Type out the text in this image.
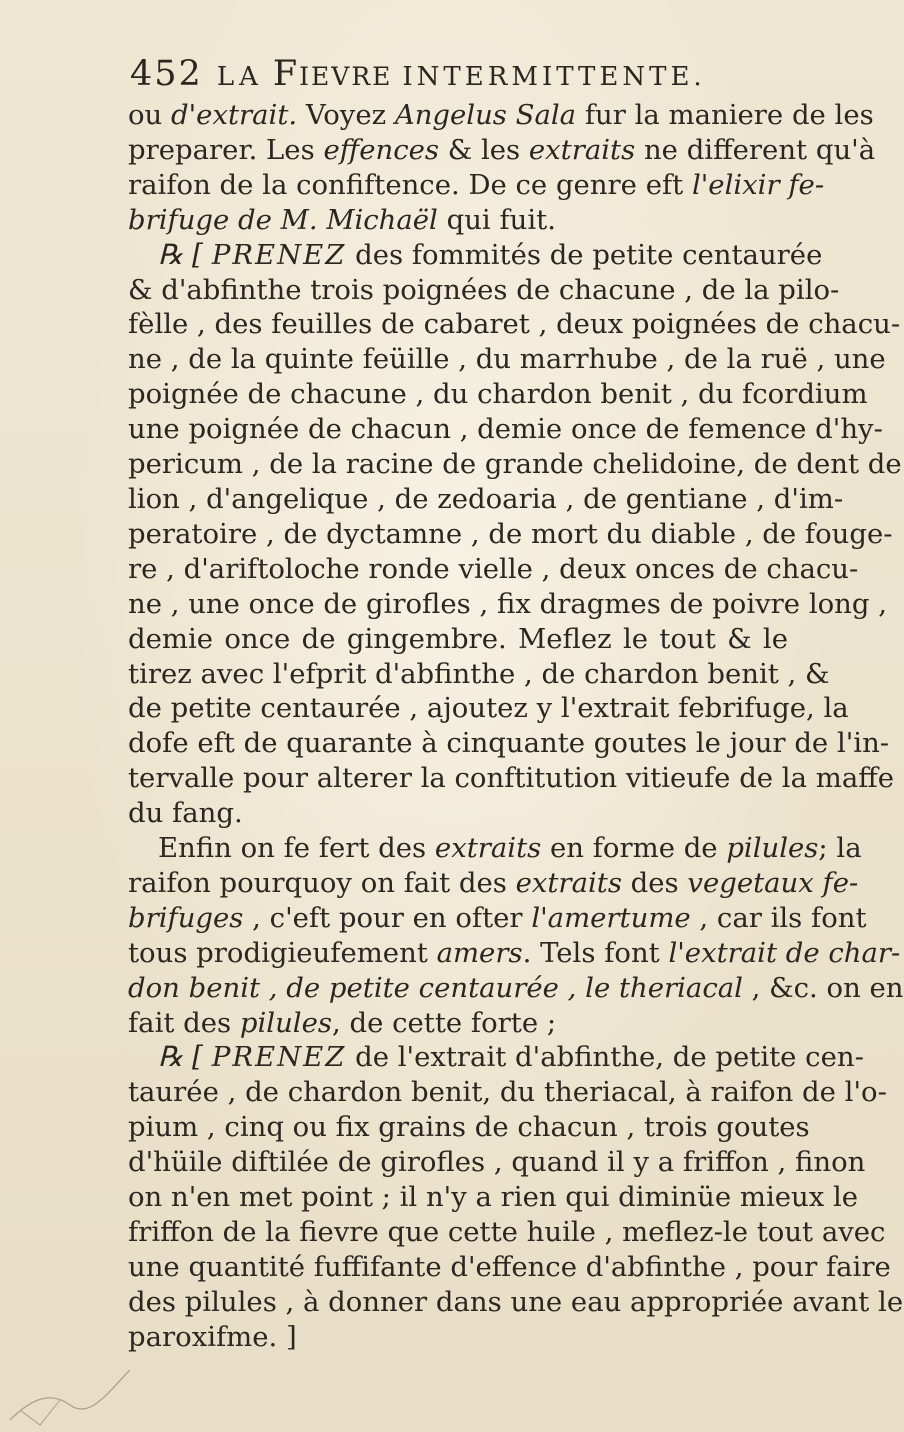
452 LA Fievre INTERMITTENTE.
ou d'extrait. Voyez Angelus Sala fur la maniere de les
preparer. Les effences & les extraits ne different qu'à
raifon de la confiftence. De ce genre eft l'elixir fe-
brifuge de M. Michaël qui fuit.
℞ [ PRENEZ des fommités de petite centaurée
& d'abfinthe trois poignées de chacune , de la pilo-
fèlle , des feuilles de cabaret , deux poignées de chacu-
ne , de la quinte feüille , du marrhube , de la ruë , une
poignée de chacune , du chardon benit , du fcordium
une poignée de chacun , demie once de femence d'hy-
pericum , de la racine de grande chelidoine, de dent de
lion , d'angelique , de zedoaria , de gentiane , d'im-
peratoire , de dyctamne , de mort du diable , de fouge-
re , d'ariftoloche ronde vielle , deux onces de chacu-
ne , une once de girofles , fix dragmes de poivre long ,
demie once de gingembre. Meflez le tout & le
tirez avec l'efprit d'abfinthe , de chardon benit , &
de petite centaurée , ajoutez y l'extrait febrifuge, la
dofe eft de quarante à cinquante goutes le jour de l'in-
tervalle pour alterer la conftitution vitieufe de la maffe
du fang.
Enfin on fe fert des extraits en forme de pilules; la
raifon pourquoy on fait des extraits des vegetaux fe-
brifuges , c'eft pour en ofter l'amertume , car ils font
tous prodigieufement amers. Tels font l'extrait de char-
don benit , de petite centaurée , le theriacal , &c. on en
fait des pilules, de cette forte ;
℞ [ PRENEZ de l'extrait d'abfinthe, de petite cen-
taurée , de chardon benit, du theriacal, à raifon de l'o-
pium , cinq ou fix grains de chacun , trois goutes
d'hüile diftilée de girofles , quand il y a friffon , finon
on n'en met point ; il n'y a rien qui diminüe mieux le
friffon de la fievre que cette huile , meflez-le tout avec
une quantité fuffifante d'effence d'abfinthe , pour faire
des pilules , à donner dans une eau appropriée avant le
paroxifme. ]
